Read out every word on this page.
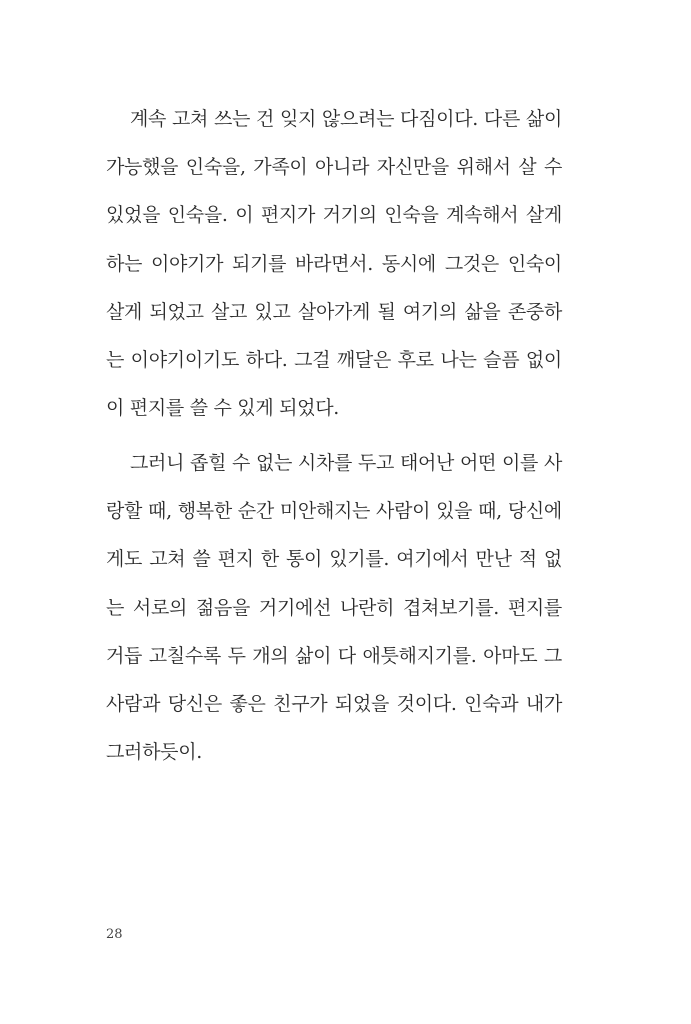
계속 고쳐 쓰는 건 잊지 않으려는 다짐이다. 다른 삶이
가능했을 인숙을, 가족이 아니라 자신만을 위해서 살 수
있었을 인숙을. 이 편지가 거기의 인숙을 계속해서 살게
하는 이야기가 되기를 바라면서. 동시에 그것은 인숙이
살게 되었고 살고 있고 살아가게 될 여기의 삶을 존중하
는 이야기이기도 하다. 그걸 깨달은 후로 나는 슬픔 없이
이 편지를 쓸 수 있게 되었다.
그러니 좁힐 수 없는 시차를 두고 태어난 어떤 이를 사
랑할 때, 행복한 순간 미안해지는 사람이 있을 때, 당신에
게도 고쳐 쓸 편지 한 통이 있기를. 여기에서 만난 적 없
는 서로의 젊음을 거기에선 나란히 겹쳐보기를. 편지를
거듭 고칠수록 두 개의 삶이 다 애틋해지기를. 아마도 그
사람과 당신은 좋은 친구가 되었을 것이다. 인숙과 내가
그러하듯이.
28
